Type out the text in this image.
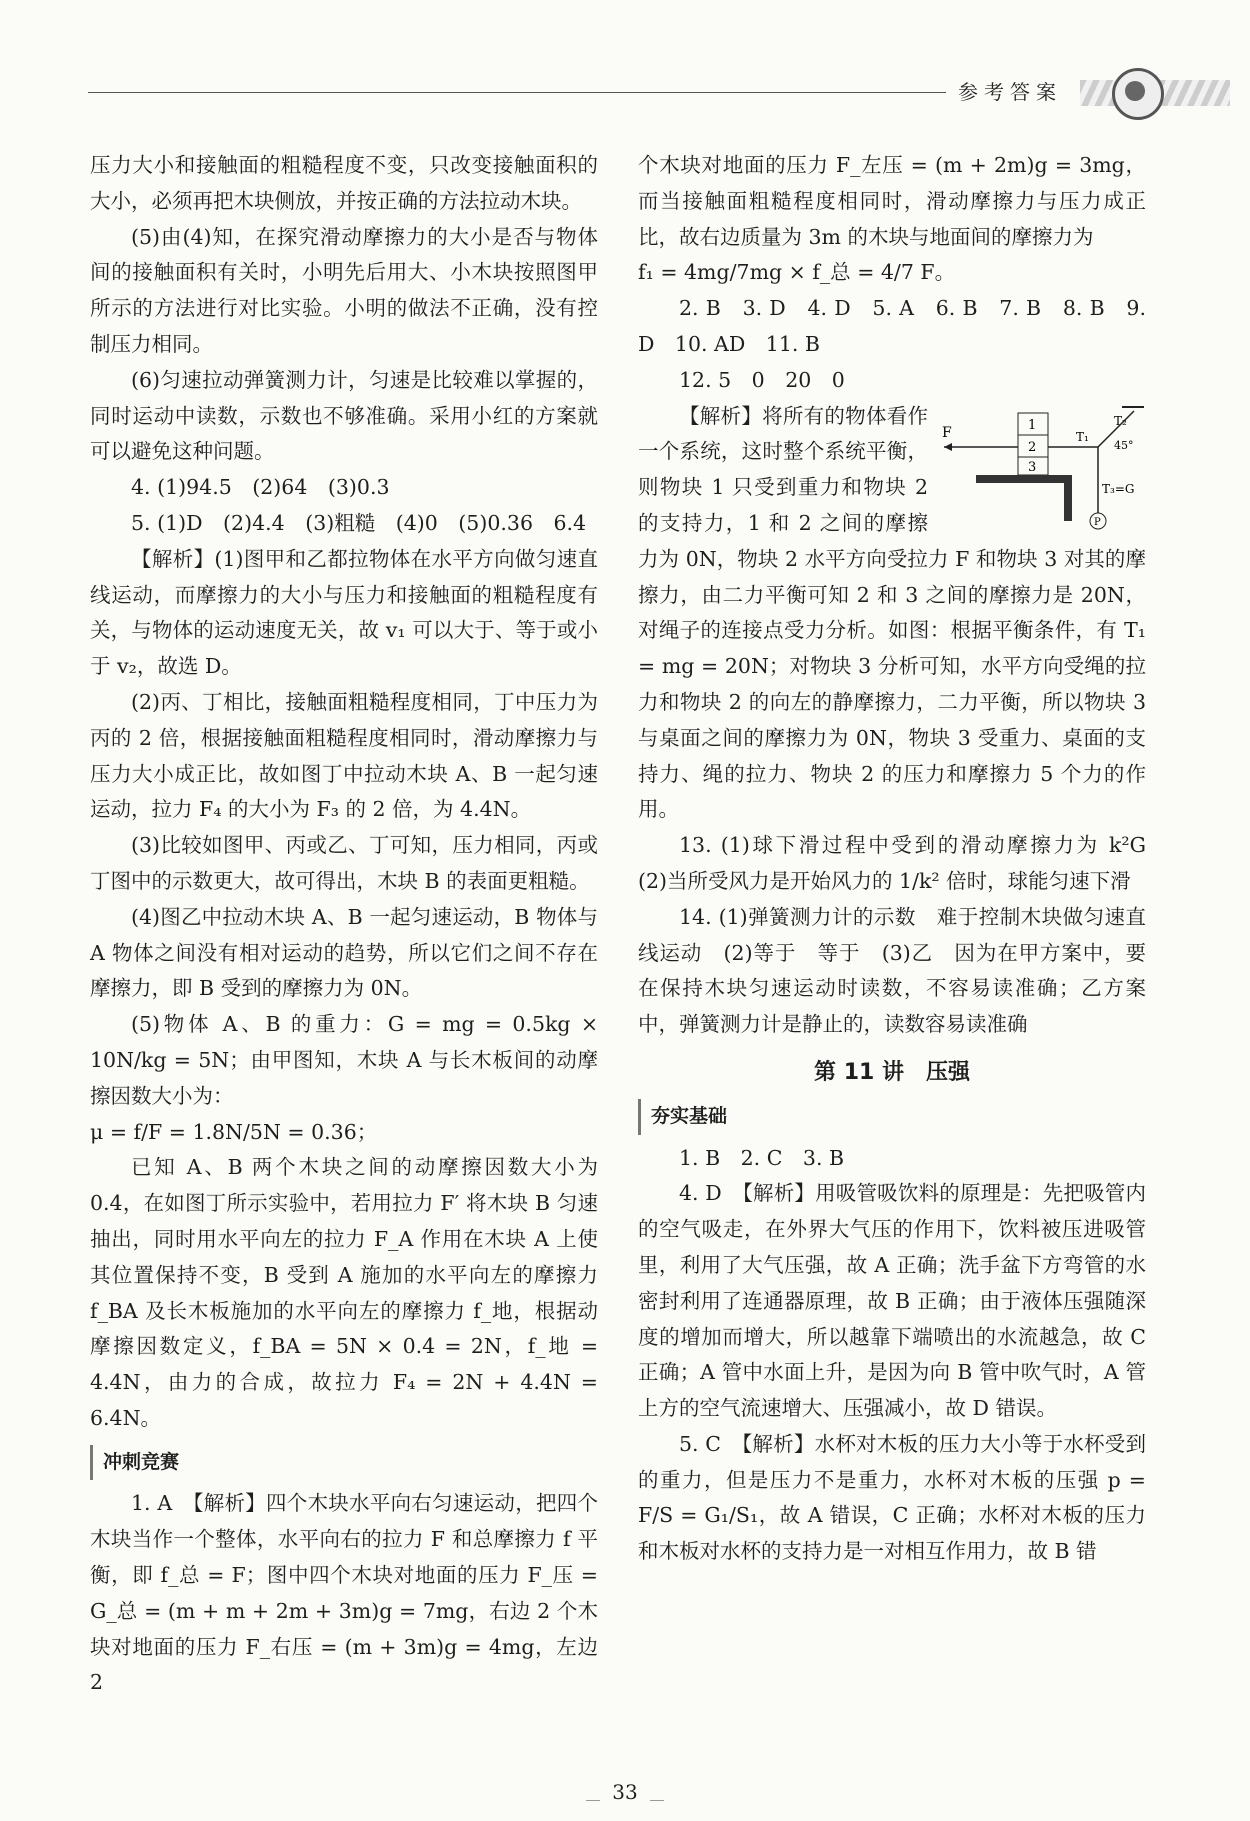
参考答案

压力大小和接触面的粗糙程度不变，只改变接触面积的大小，必须再把木块侧放，并按正确的方法拉动木块。

(5)由(4)知，在探究滑动摩擦力的大小是否与物体间的接触面积有关时，小明先后用大、小木块按照图甲所示的方法进行对比实验。小明的做法不正确，没有控制压力相同。

(6)匀速拉动弹簧测力计，匀速是比较难以掌握的，同时运动中读数，示数也不够准确。采用小红的方案就可以避免这种问题。

4. (1)94.5　(2)64　(3)0.3

5. (1)D　(2)4.4　(3)粗糙　(4)0　(5)0.36　6.4

【解析】(1)图甲和乙都拉物体在水平方向做匀速直线运动，而摩擦力的大小与压力和接触面的粗糙程度有关，与物体的运动速度无关，故 v₁ 可以大于、等于或小于 v₂，故选 D。

(2)丙、丁相比，接触面粗糙程度相同，丁中压力为丙的 2 倍，根据接触面粗糙程度相同时，滑动摩擦力与压力大小成正比，故如图丁中拉动木块 A、B 一起匀速运动，拉力 F₄ 的大小为 F₃ 的 2 倍，为 4.4N。

(3)比较如图甲、丙或乙、丁可知，压力相同，丙或丁图中的示数更大，故可得出，木块 B 的表面更粗糙。

(4)图乙中拉动木块 A、B 一起匀速运动，B 物体与 A 物体之间没有相对运动的趋势，所以它们之间不存在摩擦力，即 B 受到的摩擦力为 0N。

(5)物体 A、B 的重力：G = mg = 0.5kg × 10N/kg = 5N；由甲图知，木块 A 与长木板间的动摩擦因数大小为：

μ = f/F = 1.8N/5N = 0.36；

已知 A、B 两个木块之间的动摩擦因数大小为 0.4，在如图丁所示实验中，若用拉力 F′ 将木块 B 匀速抽出，同时用水平向左的拉力 F_A 作用在木块 A 上使其位置保持不变，B 受到 A 施加的水平向左的摩擦力 f_BA 及长木板施加的水平向左的摩擦力 f_地，根据动摩擦因数定义，f_BA = 5N × 0.4 = 2N，f_地 = 4.4N，由力的合成，故拉力 F₄ = 2N + 4.4N = 6.4N。

冲刺竞赛

1. A　【解析】四个木块水平向右匀速运动，把四个木块当作一个整体，水平向右的拉力 F 和总摩擦力 f 平衡，即 f_总 = F；图中四个木块对地面的压力 F_压 = G_总 = (m + m + 2m + 3m)g = 7mg，右边 2 个木块对地面的压力 F_右压 = (m + 3m)g = 4mg，左边 2

个木块对地面的压力 F_左压 = (m + 2m)g = 3mg，而当接触面粗糙程度相同时，滑动摩擦力与压力成正比，故右边质量为 3m 的木块与地面间的摩擦力为

f₁ = 4mg/7mg × f_总 = 4/7 F。

2. B　3. D　4. D　5. A　6. B　7. B　8. B　9. D　10. AD　11. B

12. 5　0　20　0

F	1
2
3
P
T₁
T₂
T₃=G
45°

【解析】将所有的物体看作一个系统，这时整个系统平衡，则物块 1 只受到重力和物块 2 的支持力，1 和 2 之间的摩擦力为 0N，物块 2 水平方向受拉力 F 和物块 3 对其的摩擦力，由二力平衡可知 2 和 3 之间的摩擦力是 20N，对绳子的连接点受力分析。如图：根据平衡条件，有 T₁ = mg = 20N；对物块 3 分析可知，水平方向受绳的拉力和物块 2 的向左的静摩擦力，二力平衡，所以物块 3 与桌面之间的摩擦力为 0N，物块 3 受重力、桌面的支持力、绳的拉力、物块 2 的压力和摩擦力 5 个力的作用。

13. (1)球下滑过程中受到的滑动摩擦力为 k²G　(2)当所受风力是开始风力的 1/k² 倍时，球能匀速下滑

14. (1)弹簧测力计的示数　难于控制木块做匀速直线运动　(2)等于　等于　(3)乙　因为在甲方案中，要在保持木块匀速运动时读数，不容易读准确；乙方案中，弹簧测力计是静止的，读数容易读准确

第 11 讲　压强
夯实基础

1. B　2. C　3. B

4. D　【解析】用吸管吸饮料的原理是：先把吸管内的空气吸走，在外界大气压的作用下，饮料被压进吸管里，利用了大气压强，故 A 正确；洗手盆下方弯管的水密封利用了连通器原理，故 B 正确；由于液体压强随深度的增加而增大，所以越靠下端喷出的水流越急，故 C 正确；A 管中水面上升，是因为向 B 管中吹气时，A 管上方的空气流速增大、压强减小，故 D 错误。

5. C　【解析】水杯对木板的压力大小等于水杯受到的重力，但是压力不是重力，水杯对木板的压强 p = F/S = G₁/S₁，故 A 错误，C 正确；水杯对木板的压力和木板对水杯的支持力是一对相互作用力，故 B 错

33
